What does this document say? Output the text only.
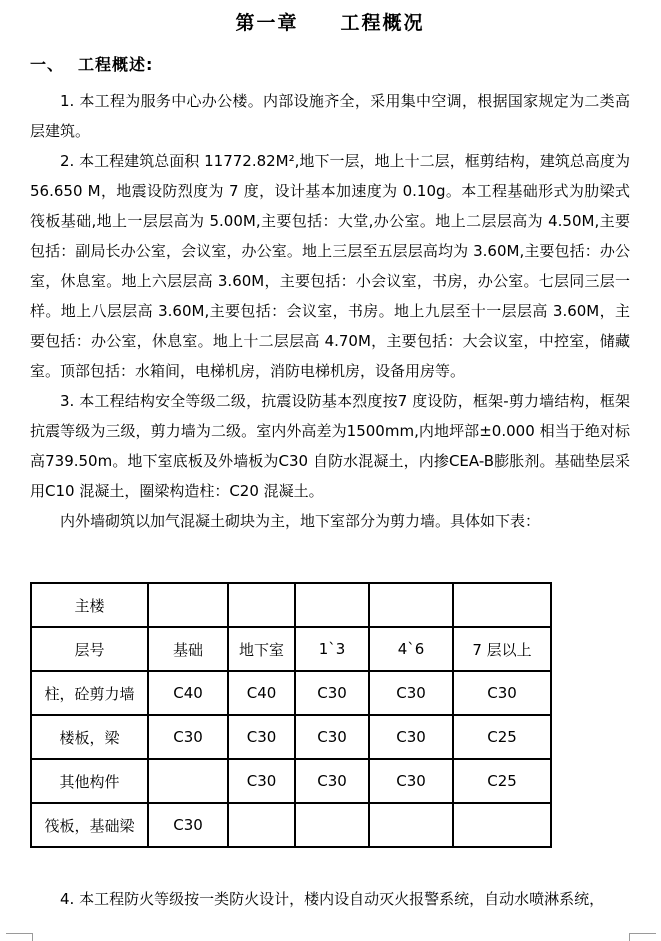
第一章 工程概况
一、 工程概述:

1. 本工程为服务中心办公楼。内部设施齐全，采用集中空调，根据国家规定为二类高层建筑。

2. 本工程建筑总面积 11772.82M²,地下一层，地上十二层，框剪结构，建筑总高度为 56.650 M，地震设防烈度为 7 度，设计基本加速度为 0.10g。本工程基础形式为肋梁式筏板基础,地上一层层高为 5.00M,主要包括：大堂,办公室。地上二层层高为 4.50M,主要包括：副局长办公室，会议室，办公室。地上三层至五层层高均为 3.60M,主要包括：办公室，休息室。地上六层层高 3.60M，主要包括：小会议室，书房，办公室。七层同三层一样。地上八层层高 3.60M,主要包括：会议室，书房。地上九层至十一层层高 3.60M，主要包括：办公室，休息室。地上十二层层高 4.70M，主要包括：大会议室，中控室，储藏室。顶部包括：水箱间，电梯机房，消防电梯机房，设备用房等。

3. 本工程结构安全等级二级，抗震设防基本烈度按7 度设防，框架-剪力墙结构，框架抗震等级为三级，剪力墙为二级。室内外高差为1500mm,内地坪部±0.000 相当于绝对标高739.50m。地下室底板及外墙板为C30 自防水混凝土，内掺CEA-B膨胀剂。基础垫层采用C10 混凝土，圈梁构造柱：C20 混凝土。

内外墙砌筑以加气混凝土砌块为主，地下室部分为剪力墙。具体如下表：

主楼					
层号	基础	地下室	1`3	4`6	7 层以上
柱，砼剪力墙	C40	C40	C30	C30	C30
楼板，梁	C30	C30	C30	C30	C25
其他构件		C30	C30	C30	C25
筏板，基础梁	C30				

4. 本工程防火等级按一类防火设计，楼内设自动灭火报警系统，自动水喷淋系统，
